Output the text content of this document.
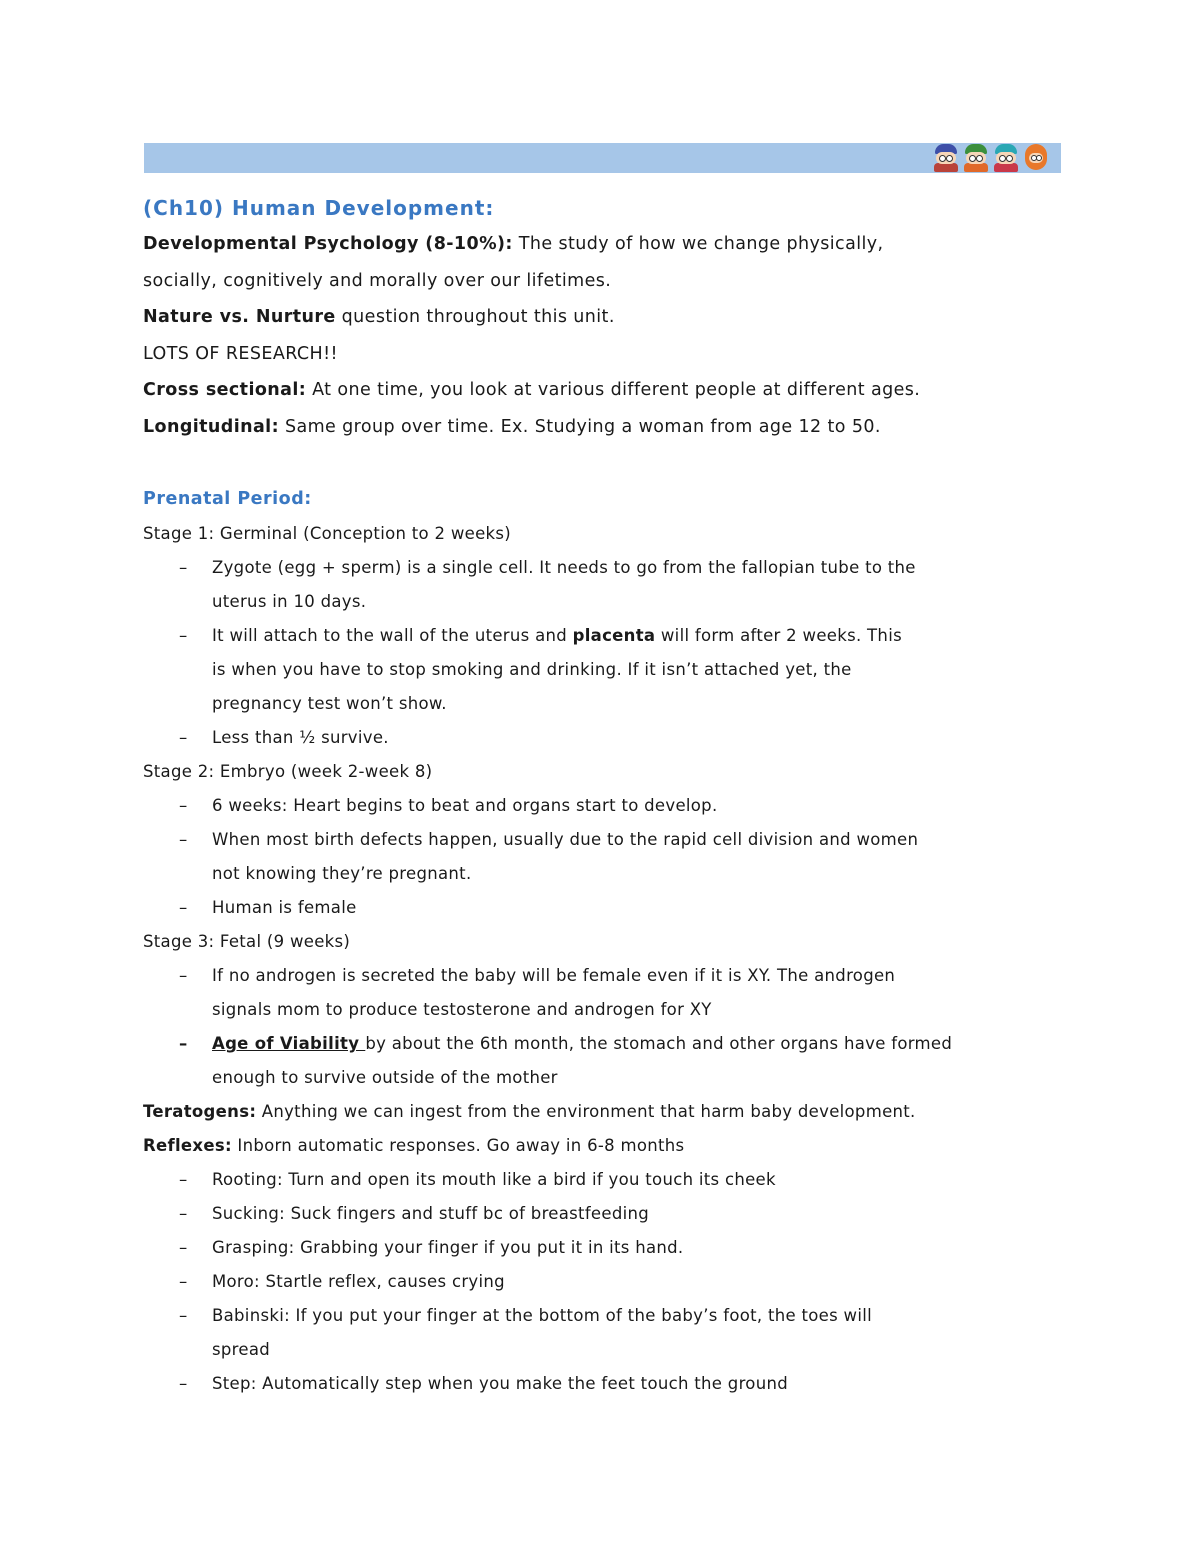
(Ch10) Human Development:
Developmental Psychology (8-10%): The study of how we change physically,
socially, cognitively and morally over our lifetimes.
Nature vs. Nurture question throughout this unit.
LOTS OF RESEARCH!!
Cross sectional: At one time, you look at various different people at different ages.
Longitudinal: Same group over time. Ex. Studying a woman from age 12 to 50.
Prenatal Period:
Stage 1: Germinal (Conception to 2 weeks)
– Zygote (egg + sperm) is a single cell. It needs to go from the fallopian tube to the
uterus in 10 days.
– It will attach to the wall of the uterus and placenta will form after 2 weeks. This
is when you have to stop smoking and drinking. If it isn’t attached yet, the
pregnancy test won’t show.
– Less than ½ survive.
Stage 2: Embryo (week 2-week 8)
– 6 weeks: Heart begins to beat and organs start to develop.
– When most birth defects happen, usually due to the rapid cell division and women
not knowing they’re pregnant.
– Human is female
Stage 3: Fetal (9 weeks)
– If no androgen is secreted the baby will be female even if it is XY. The androgen
signals mom to produce testosterone and androgen for XY
– Age of Viability by about the 6th month, the stomach and other organs have formed
enough to survive outside of the mother
Teratogens: Anything we can ingest from the environment that harm baby development.
Reflexes: Inborn automatic responses. Go away in 6-8 months
– Rooting: Turn and open its mouth like a bird if you touch its cheek
– Sucking: Suck fingers and stuff bc of breastfeeding
– Grasping: Grabbing your finger if you put it in its hand.
– Moro: Startle reflex, causes crying
– Babinski: If you put your finger at the bottom of the baby’s foot, the toes will
spread
– Step: Automatically step when you make the feet touch the ground
